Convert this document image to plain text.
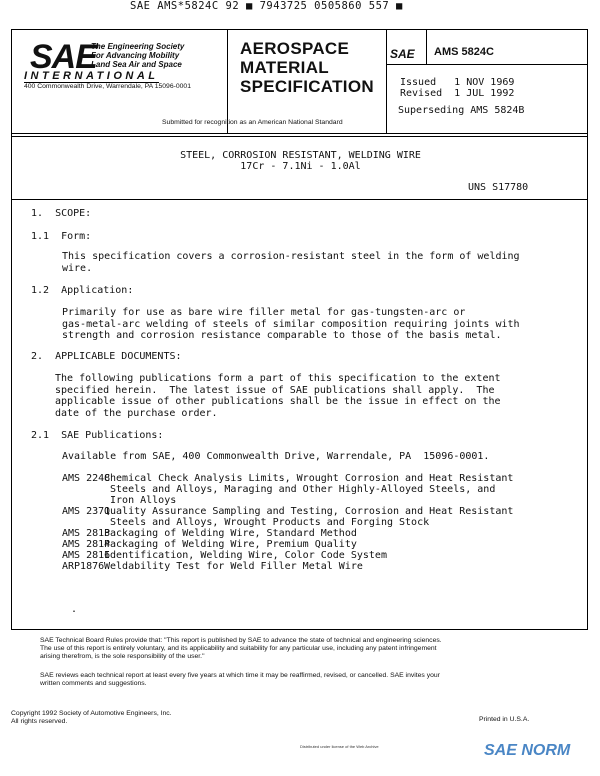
SAE AMS*5824C 92 ■ 7943725 0505860 557 ■
SAE
The Engineering Society
For Advancing Mobility
Land Sea Air and Space
INTERNATIONAL
400 Commonwealth Drive, Warrendale, PA 15096-0001
AEROSPACE
MATERIAL
SPECIFICATION
Submitted for recognition as an American National Standard
SAE AMS 5824C
Issued   1 NOV 1969
Revised  1 JUL 1992
Superseding AMS 5824B
STEEL, CORROSION RESISTANT, WELDING WIRE
17Cr - 7.1Ni - 1.0Al
UNS S17780
1.  SCOPE:
1.1  Form:
This specification covers a corrosion-resistant steel in the form of welding
wire.
1.2  Application:
Primarily for use as bare wire filler metal for gas-tungsten-arc or
gas-metal-arc welding of steels of similar composition requiring joints with
strength and corrosion resistance comparable to those of the basis metal.
2.  APPLICABLE DOCUMENTS:
The following publications form a part of this specification to the extent
specified herein.  The latest issue of SAE publications shall apply.  The
applicable issue of other publications shall be the issue in effect on the
date of the purchase order.
2.1  SAE Publications:
Available from SAE, 400 Commonwealth Drive, Warrendale, PA  15096-0001.
AMS 2248
Chemical Check Analysis Limits, Wrought Corrosion and Heat Resistant
Steels and Alloys, Maraging and Other Highly-Alloyed Steels, and
Iron Alloys
AMS 2371
Quality Assurance Sampling and Testing, Corrosion and Heat Resistant
Steels and Alloys, Wrought Products and Forging Stock
AMS 2813
Packaging of Welding Wire, Standard Method
AMS 2814
Packaging of Welding Wire, Premium Quality
AMS 2816
Identification, Welding Wire, Color Code System
ARP1876 Weldability Test for Weld Filler Metal Wire
.
SAE Technical Board Rules provide that: "This report is published by SAE to advance the state of technical and engineering sciences.
The use of this report is entirely voluntary, and its applicability and suitability for any particular use, including any patent infringement
arising therefrom, is the sole responsibility of the user."
SAE reviews each technical report at least every five years at which time it may be reaffirmed, revised, or cancelled. SAE invites your
written comments and suggestions.
Copyright 1992 Society of Automotive Engineers, Inc.
All rights reserved.	Printed in U.S.A.
Distributed under license of the Web Archive	SAE NORM
